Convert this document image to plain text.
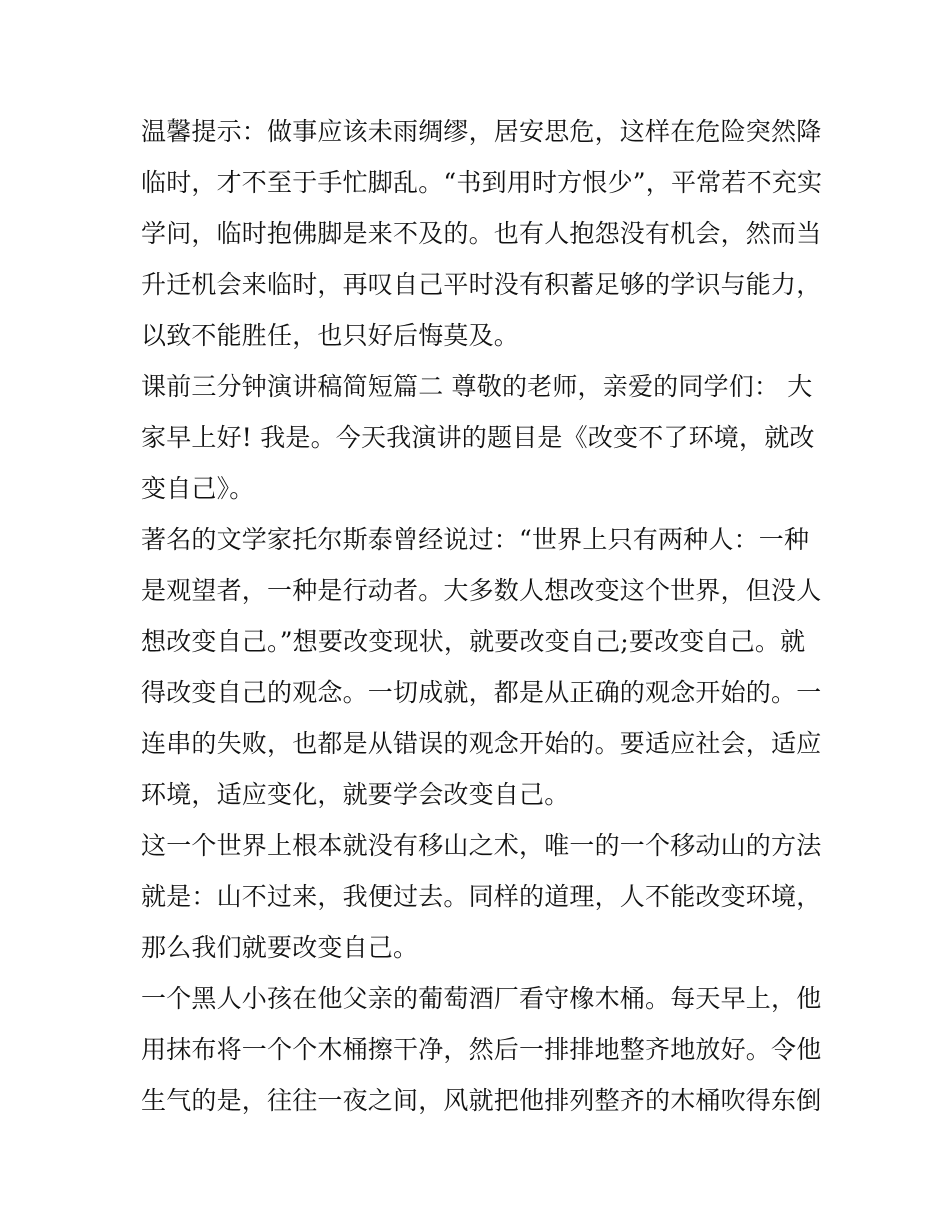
温馨提示：做事应该未雨绸缪，居安思危，这样在危险突然降
临时，才不至于手忙脚乱。“书到用时方恨少”，平常若不充实
学问，临时抱佛脚是来不及的。也有人抱怨没有机会，然而当
升迁机会来临时，再叹自己平时没有积蓄足够的学识与能力，
以致不能胜任，也只好后悔莫及。
课前三分钟演讲稿简短篇二 尊敬的老师，亲爱的同学们： 大
家早上好! 我是。今天我演讲的题目是《改变不了环境，就改
变自己》。
著名的文学家托尔斯泰曾经说过：“世界上只有两种人：一种
是观望者，一种是行动者。大多数人想改变这个世界，但没人
想改变自己。”想要改变现状，就要改变自己;要改变自己。就
得改变自己的观念。一切成就，都是从正确的观念开始的。一
连串的失败，也都是从错误的观念开始的。要适应社会，适应
环境，适应变化，就要学会改变自己。
这一个世界上根本就没有移山之术，唯一的一个移动山的方法
就是：山不过来，我便过去。同样的道理，人不能改变环境，
那么我们就要改变自己。
一个黑人小孩在他父亲的葡萄酒厂看守橡木桶。每天早上，他
用抹布将一个个木桶擦干净，然后一排排地整齐地放好。令他
生气的是，往往一夜之间，风就把他排列整齐的木桶吹得东倒
